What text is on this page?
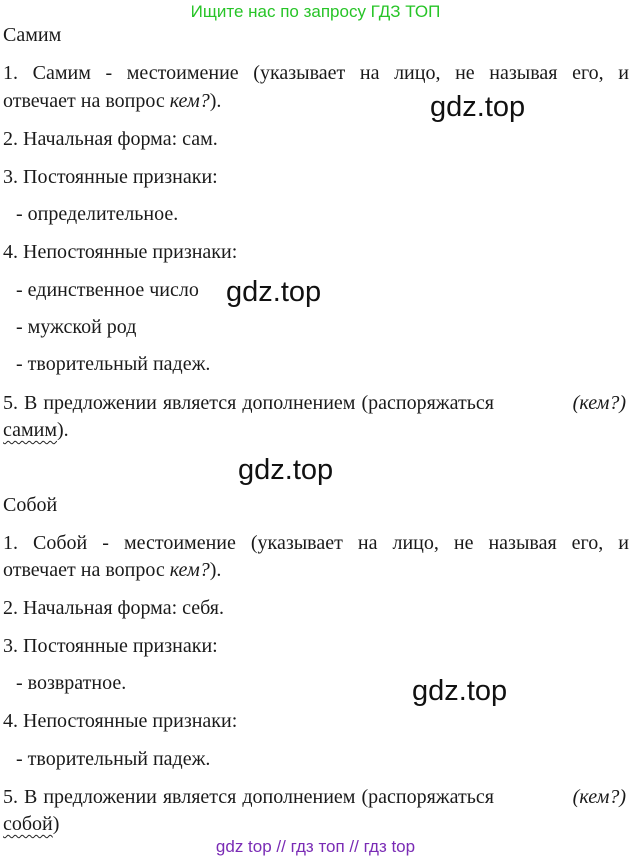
Ищите нас по запросу ГДЗ ТОП
Самим
1. Самим - местоимение (указывает на лицо, не называя его, и
отвечает на вопрос кем?).
2. Начальная форма: сам.
3. Постоянные признаки:
- определительное.
4. Непостоянные признаки:
- единственное число
- мужской род
- творительный падеж.
5. В предложении является дополнением (распоряжаться	(кем?)
самим).
Собой
1. Собой - местоимение (указывает на лицо, не называя его, и
отвечает на вопрос кем?).
2. Начальная форма: себя.
3. Постоянные признаки:
- возвратное.
4. Непостоянные признаки:
- творительный падеж.
5. В предложении является дополнением (распоряжаться	(кем?)
собой)
gdz.top
gdz.top
gdz.top
gdz.top
gdz top // гдз топ // гдз top
